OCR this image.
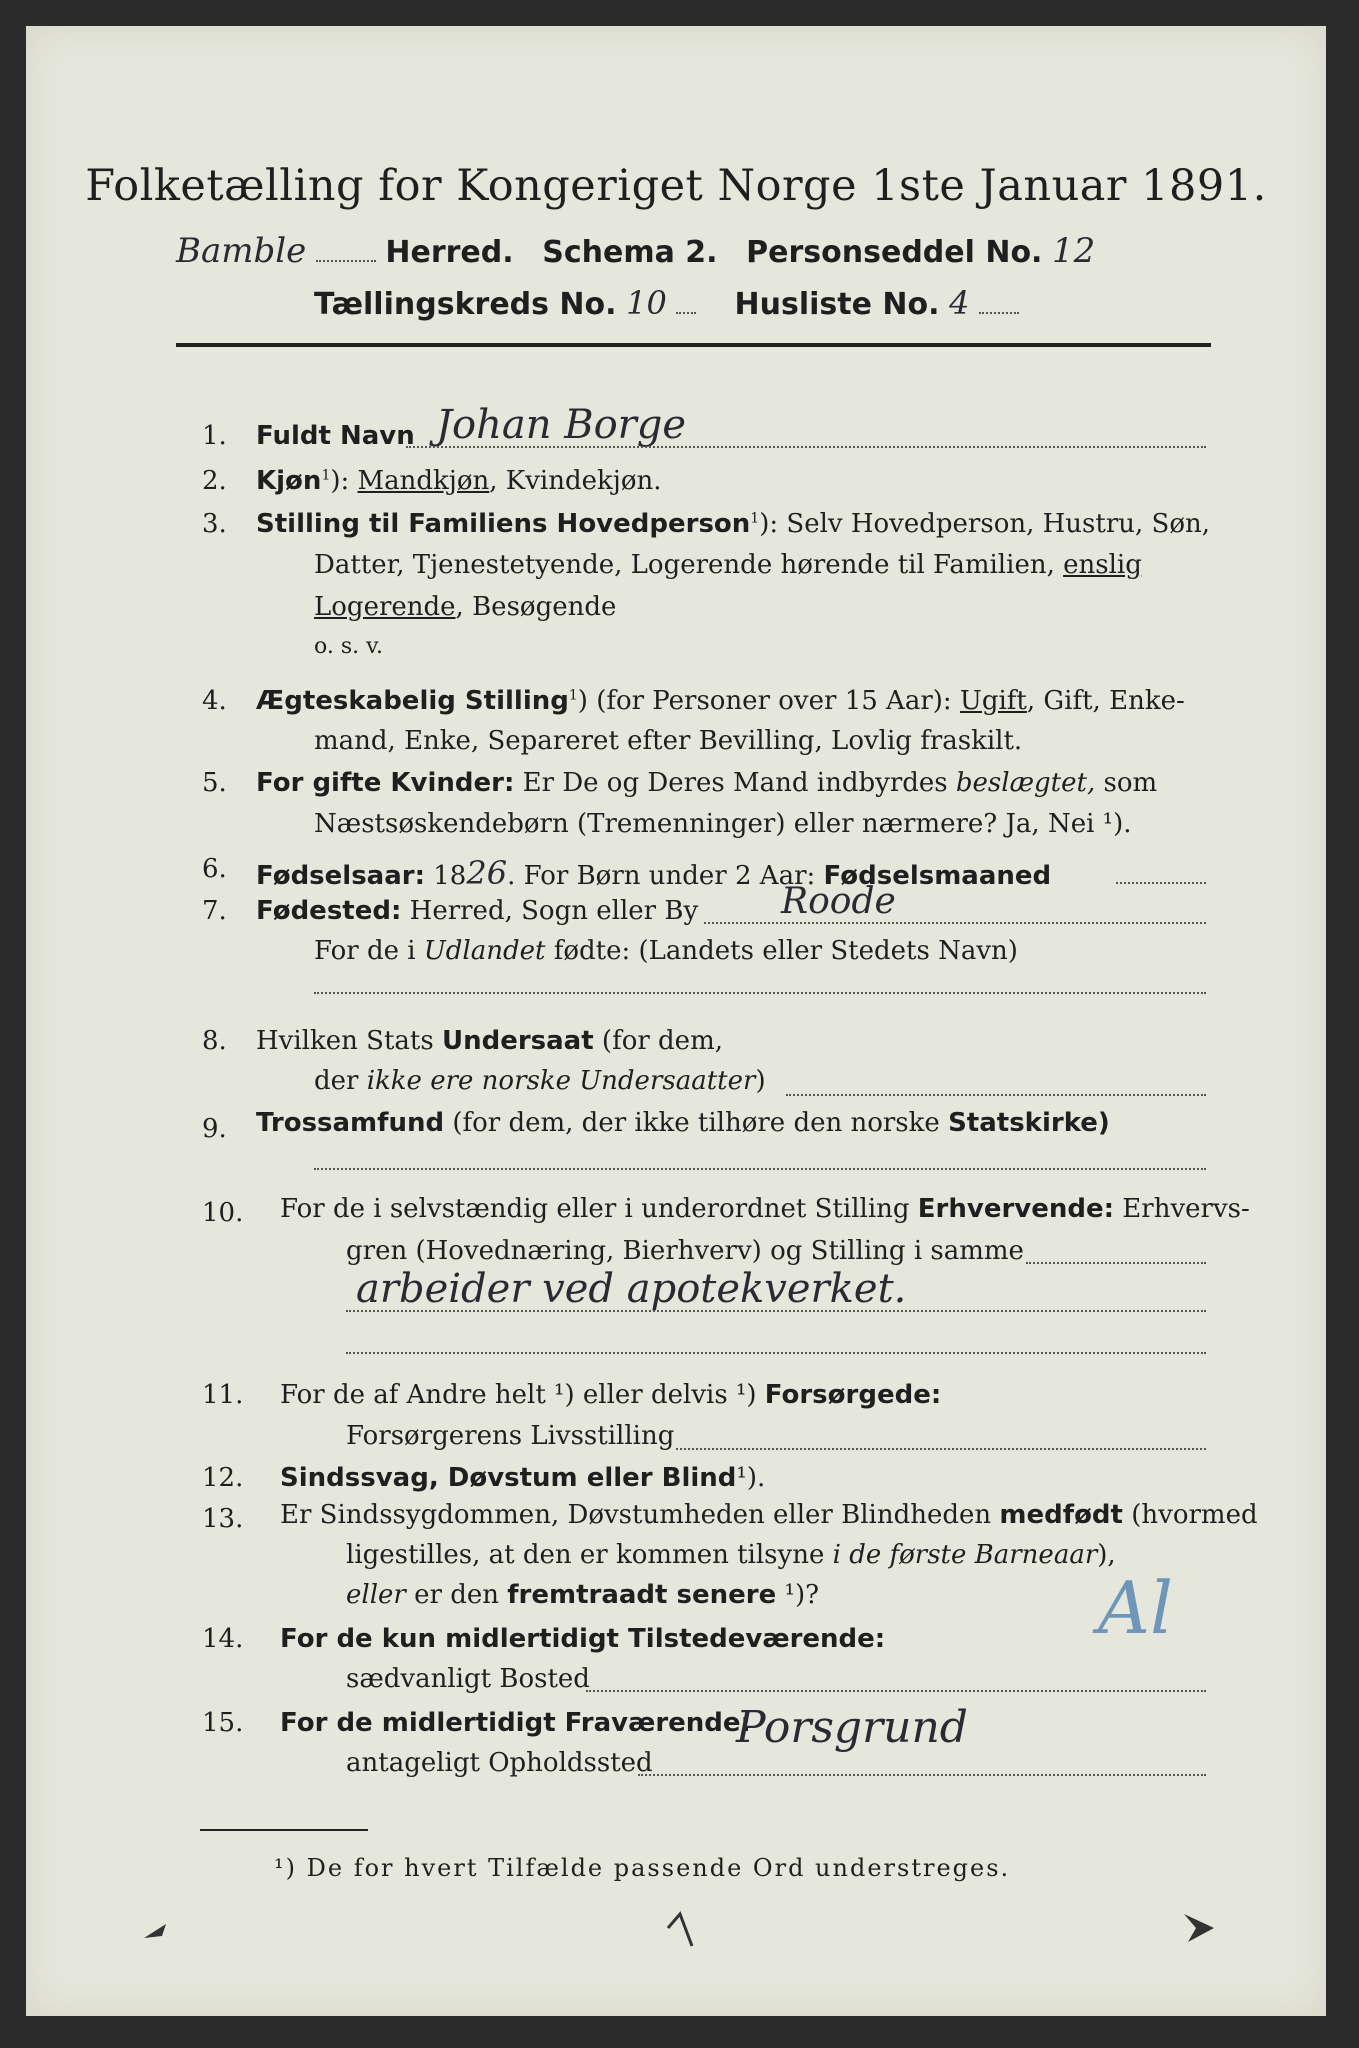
Folketælling for Kongeriget Norge 1ste Januar 1891.
Bamble	Herred. Schema 2. Personseddel No. 12
Tællingskreds No. 10 Husliste No. 4
1. Fuldt Navn Johan Borge
2. Kjøn$^1$): Mandkjøn, Kvindekjøn.
3. Stilling til Familiens Hovedperson$^1$): Selv Hovedperson, Hustru, Søn,
Datter, Tjenestetyende, Logerende hørende til Familien, enslig
Logerende, Besøgende
o. s. v.
4. Ægteskabelig Stilling$^1$) (for Personer over 15 Aar): Ugift, Gift, Enke-
mand, Enke, Separeret efter Bevilling, Lovlig fraskilt.
5. For gifte Kvinder: Er De og Deres Mand indbyrdes beslægtet, som
Næstsøskendebørn (Tremenninger) eller nærmere? Ja, Nei ¹).
6. Fødselsaar: 1826. For Børn under 2 Aar: Fødselsmaaned
7. Fødested: Herred, Sogn eller By Roode
For de i Udlandet fødte: (Landets eller Stedets Navn)
8. Hvilken Stats Undersaat (for dem,
der ikke ere norske Undersaatter)
9. Trossamfund (for dem, der ikke tilhøre den norske Statskirke)
10. For de i selvstændig eller i underordnet Stilling Erhvervende: Erhvervs-
gren (Hovednæring, Bierhverv) og Stilling i samme
arbeider ved apotekverket.
11. For de af Andre helt ¹) eller delvis ¹) Forsørgede:
Forsørgerens Livsstilling
12. Sindssvag, Døvstum eller Blind¹).
13. Er Sindssygdommen, Døvstumheden eller Blindheden medfødt (hvormed
ligestilles, at den er kommen tilsyne i de første Barneaar),
eller er den fremtraadt senere ¹)?	Al
14. For de kun midlertidigt Tilstedeværende:
sædvanligt Bosted
15. For de midlertidigt Fraværende:
antageligt Opholdssted
Porsgrund
¹) De for hvert Tilfælde passende Ord understreges.
